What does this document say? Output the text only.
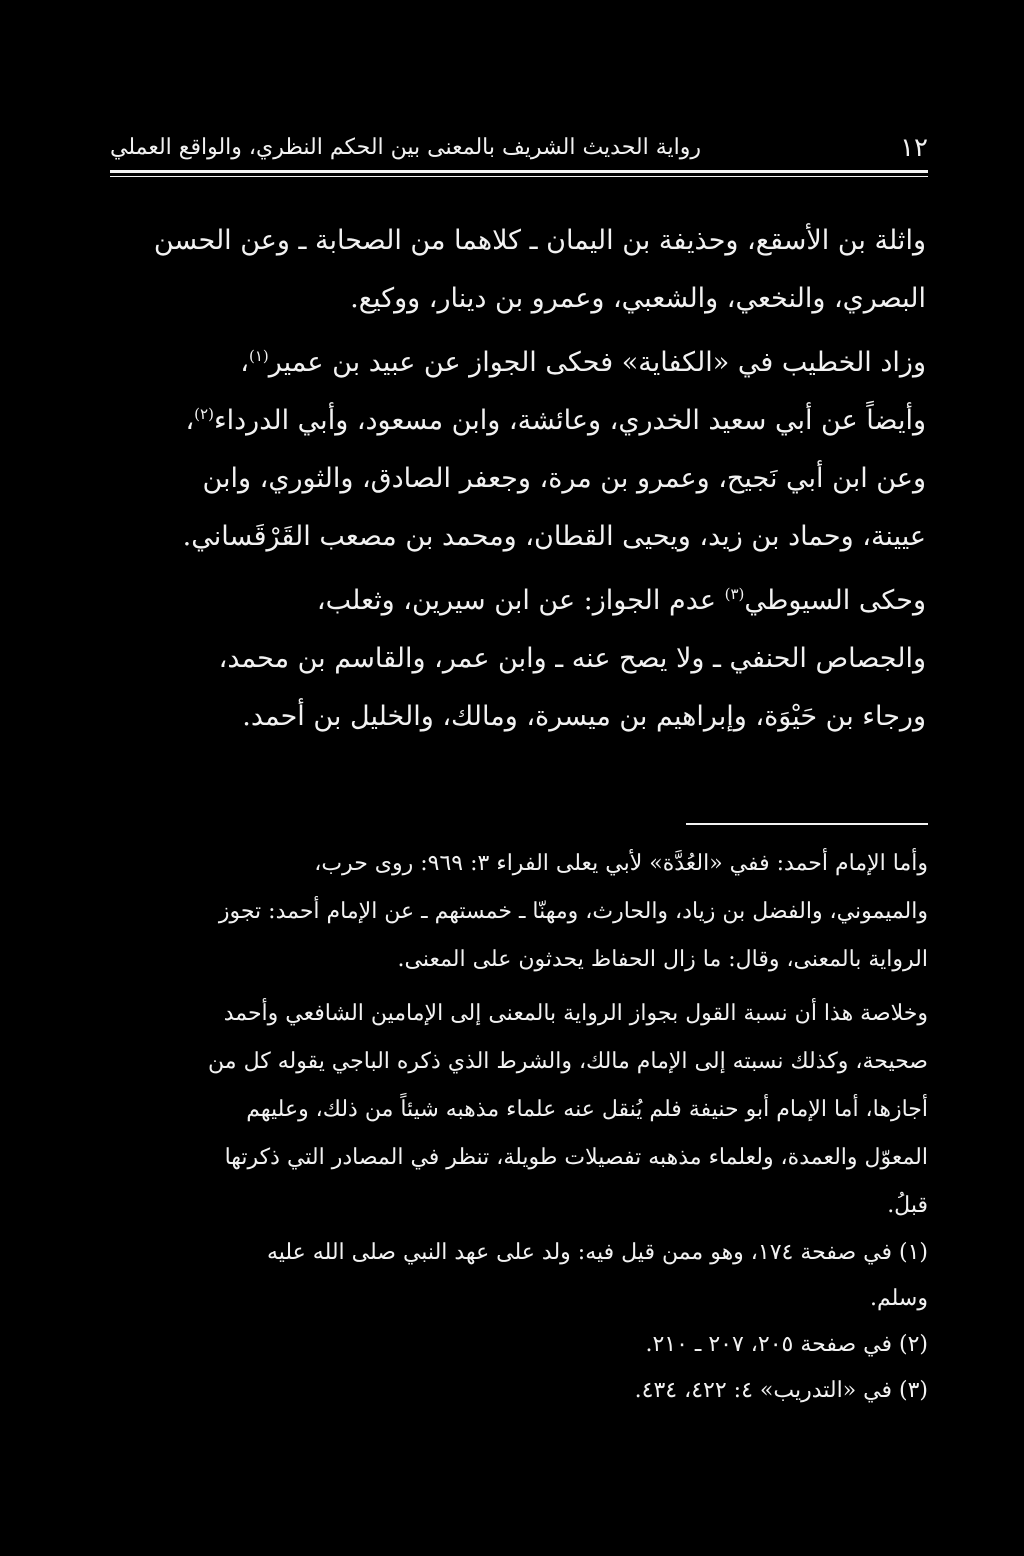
١٢
رواية الحديث الشريف بالمعنى بين الحكم النظري، والواقع العملي
واثلة بن الأسقع، وحذيفة بن اليمان ـ كلاهما من الصحابة ـ وعن الحسن
البصري، والنخعي، والشعبي، وعمرو بن دينار، ووكيع.
وزاد الخطيب في «الكفاية» فحكى الجواز عن عبيد بن عمير$^{(١)}$،
وأيضاً عن أبي سعيد الخدري، وعائشة، وابن مسعود، وأبي الدرداء$^{(٢)}$،
وعن ابن أبي نَجيح، وعمرو بن مرة، وجعفر الصادق، والثوري، وابن
عيينة، وحماد بن زيد، ويحيى القطان، ومحمد بن مصعب القَرْقَساني.
وحكى السيوطي$^{(٣)}$ عدم الجواز: عن ابن سيرين، وثعلب،
والجصاص الحنفي ـ ولا يصح عنه ـ وابن عمر، والقاسم بن محمد،
ورجاء بن حَيْوَة، وإبراهيم بن ميسرة، ومالك، والخليل بن أحمد.
وأما الإمام أحمد: ففي «العُدَّة» لأبي يعلى الفراء ٣: ٩٦٩: روى حرب،
والميموني، والفضل بن زياد، والحارث، ومهنّا ـ خمستهم ـ عن الإمام أحمد: تجوز
الرواية بالمعنى، وقال: ما زال الحفاظ يحدثون على المعنى.
وخلاصة هذا أن نسبة القول بجواز الرواية بالمعنى إلى الإمامين الشافعي وأحمد
صحيحة، وكذلك نسبته إلى الإمام مالك، والشرط الذي ذكره الباجي يقوله كل من
أجازها، أما الإمام أبو حنيفة فلم يُنقل عنه علماء مذهبه شيئاً من ذلك، وعليهم
المعوّل والعمدة، ولعلماء مذهبه تفصيلات طويلة، تنظر في المصادر التي ذكرتها
قبلُ.
(١) في صفحة ١٧٤، وهو ممن قيل فيه: ولد على عهد النبي صلى الله عليه
وسلم.
(٢) في صفحة ٢٠٥، ٢٠٧ ـ ٢١٠.
(٣) في «التدريب» ٤: ٤٢٢، ٤٣٤.
